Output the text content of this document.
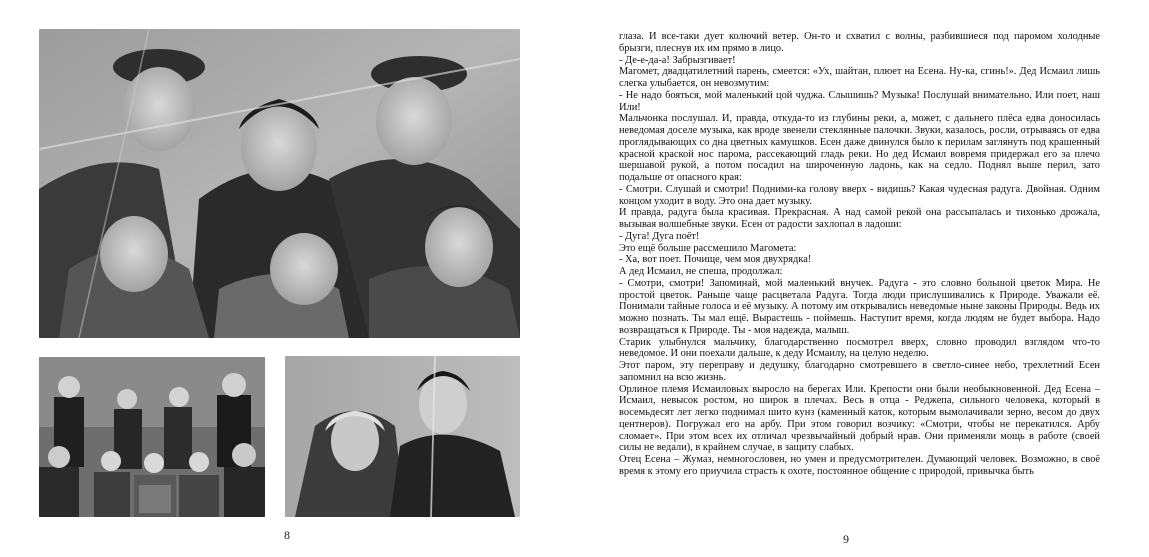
8

глаза. И все-таки дует колючий ветер. Он-то и схватил с волны, разбившиеся под паромом холодные брызги, плеснув их им прямо в лицо.

- Де-е-да-а! Забрызгивает!

Магомет, двадцатилетний парень, смеется: «Ух, шайтан, плюет на Есена. Ну-ка, сгинь!». Дед Исмаил лишь слегка улыбается, он невозмутим:

- Не надо бояться, мой маленький цой чуджа. Слышишь? Музыка! Послушай внимательно. Или поет, наш Или!

Мальчонка послушал. И, правда, откуда-то из глубины реки, а, может, с дальнего плёса едва доносилась неведомая доселе музыка, как вроде звенели стеклянные палочки. Звуки, казалось, росли, отрываясь от едва проглядывающих со дна цветных камушков. Есен даже двинулся было к перилам заглянуть под крашенный красной краской нос парома, рассекающий гладь реки. Но дед Исмаил вовремя придержал его за плечо шершавой рукой, а потом посадил на широченную ладонь, как на седло. Поднял выше перил, зато подальше от опасного края:

- Смотри. Слушай и смотри! Подними-ка голову вверх - видишь? Какая чудесная радуга. Двойная. Одним концом уходит в воду. Это она дает музыку.

И правда, радуга была красивая. Прекрасная. А над самой рекой она рассыпалась и тихонько дрожала, вызывая волшебные звуки. Есен от радости захлопал в ладоши:

- Дуга! Дуга поёт!

Это ещё больше рассмешило Магомета:

- Ха, вот поет. Почище, чем моя двухрядка!

А дед Исмаил, не спеша, продолжал:

- Смотри, смотри! Запоминай, мой маленький внучек. Радуга - это словно большой цветок Мира. Не простой цветок. Раньше чаще расцветала Радуга. Тогда люди прислушивались к Природе. Уважали её. Понимали тайные голоса и её музыку. А потому им открывались неведомые ныне законы Природы. Ведь их можно познать. Ты мал ещё. Вырастешь - поймешь. Наступит время, когда людям не будет выбора. Надо возвращаться к Природе. Ты - моя надежда, малыш.

Старик улыбнулся мальчику, благодарственно посмотрел вверх, словно проводил взглядом что-то неведомое. И они поехали дальше, к деду Исмаилу, на целую неделю.

Этот паром, эту переправу и дедушку, благодарно смотревшего в светло-синее небо, трехлетний Есен запомнил на всю жизнь.

Орлиное племя Исмаиловых выросло на берегах Или. Крепости они были необыкновенной. Дед Есена – Исмаил, невысок ростом, но широк в плечах. Весь в отца - Реджепа, сильного человека, который в восемьдесят лет легко поднимал шито кунз (каменный каток, которым вымолачивали зерно, весом до двух центнеров). Погружал его на арбу. При этом говорил возчику: «Смотри, чтобы не перекатился. Арбу сломает». При этом всех их отличал чрезвычайный добрый нрав. Они применяли мощь в работе (своей силы не ведали), в крайнем случае, в защиту слабых.

Отец Есена – Жумаз, немногословен, но умен и предусмотрителен. Думающий человек. Возможно, в своё время к этому его приучила страсть к охоте, постоянное общение с природой, привычка быть

9
